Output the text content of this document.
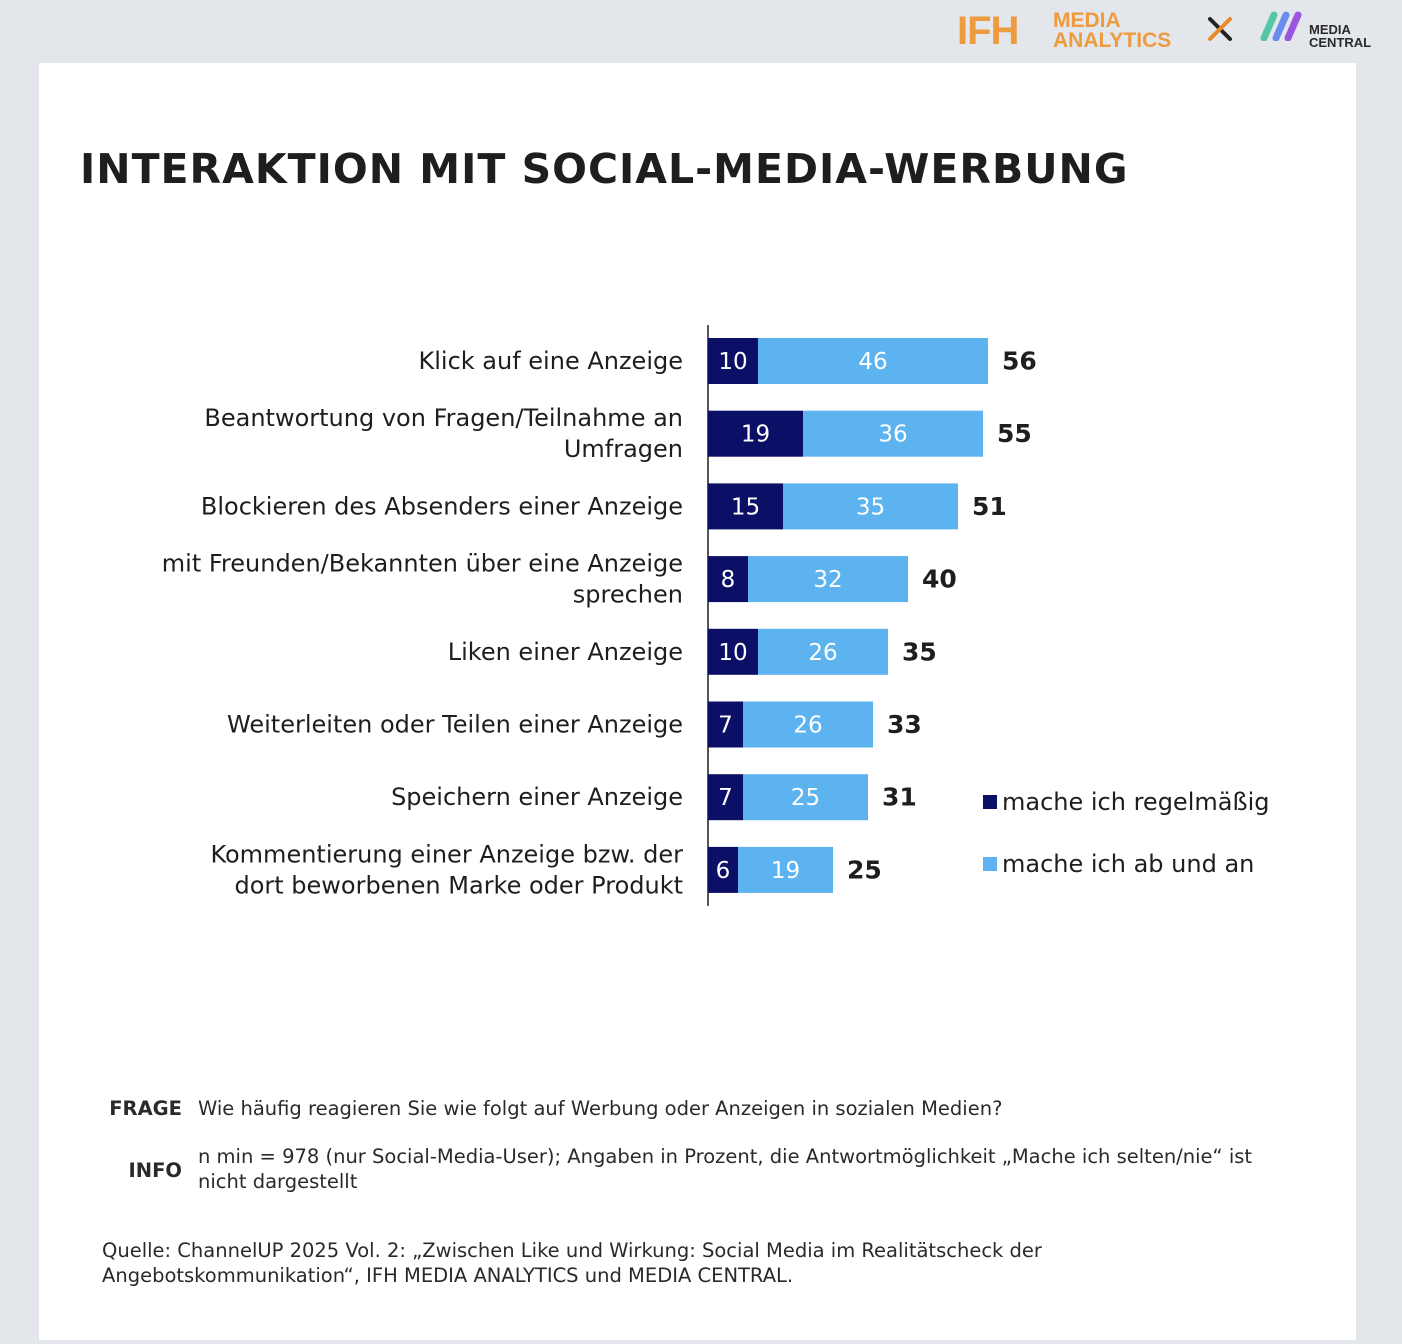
IFH MEDIA
ANALYTICS	MEDIA
CENTRAL
INTERAKTION MIT SOCIAL-MEDIA-WERBUNG
Klick auf eine Anzeige 10	46	56
Beantwortung von Fragen/Teilnahme an
Umfragen
19	36	55
Blockieren des Absenders einer Anzeige 15	35	51
mit Freunden/Bekannten über eine Anzeige
sprechen
8	32	40
Liken einer Anzeige 10	26	35
Weiterleiten oder Teilen einer Anzeige 7	26	33
Speichern einer Anzeige 7	25 31
Kommentierung einer Anzeige bzw. der
dort beworbenen Marke oder Produkt
6 19 25
mache ich regelmäßig
mache ich ab und an
FRAGE Wie häufig reagieren Sie wie folgt auf Werbung oder Anzeigen in sozialen Medien?
INFO
n min = 978 (nur Social-Media-User); Angaben in Prozent, die Antwortmöglichkeit „Mache ich selten/nie“ ist nicht dargestellt
Quelle: ChannelUP 2025 Vol. 2: „Zwischen Like und Wirkung: Social Media im Realitätscheck der Angebotskommunikation“, IFH MEDIA ANALYTICS und MEDIA CENTRAL.
